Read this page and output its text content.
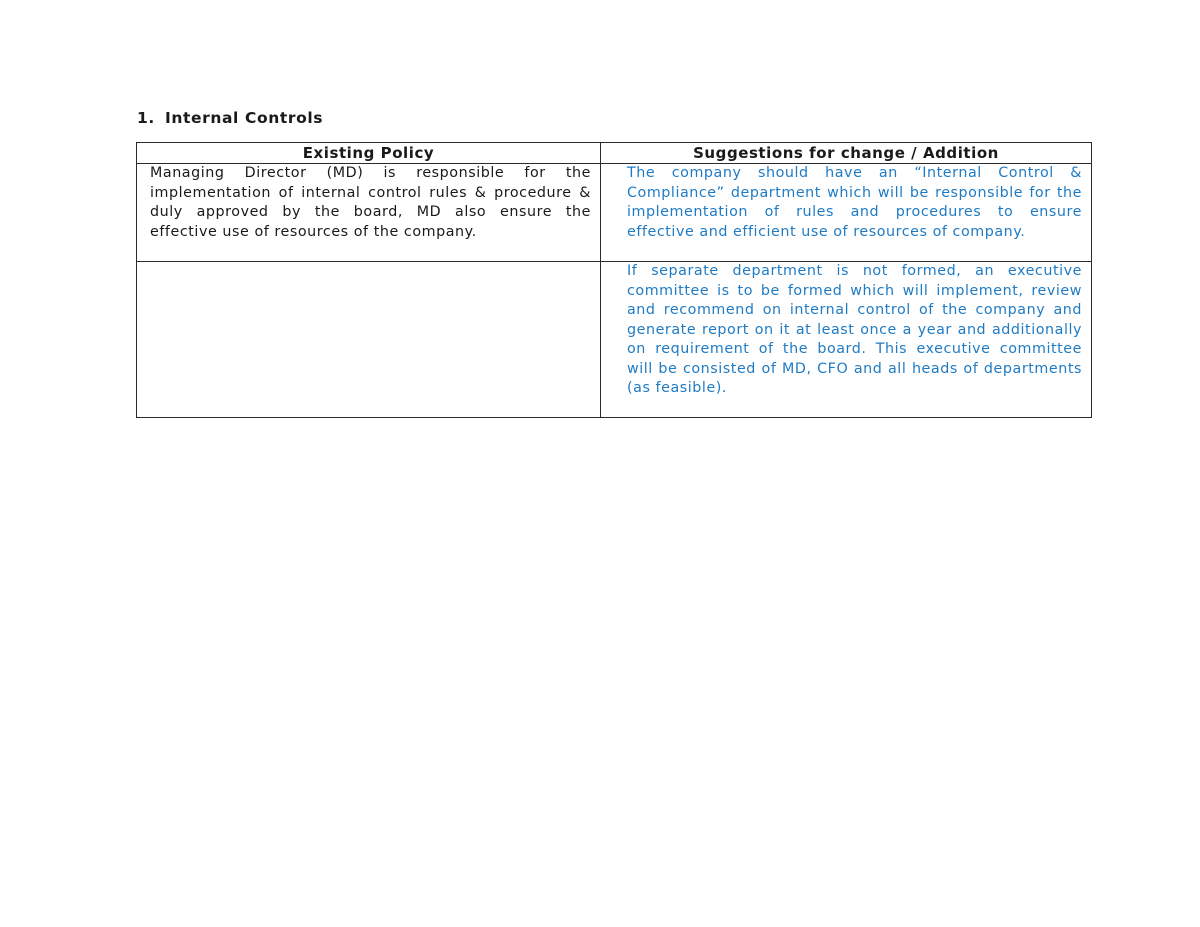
1. Internal Controls
Existing Policy	Suggestions for change / Addition
Managing Director (MD) is responsible for the implementation of internal control rules & procedure & duly approved by the board, MD also ensure the effective use of resources of the company.	The company should have an “Internal Control & Compliance” department which will be responsible for the implementation of rules and procedures to ensure effective and efficient use of resources of company.
	If separate department is not formed, an executive committee is to be formed which will implement, review and recommend on internal control of the company and generate report on it at least once a year and additionally on requirement of the board. This executive committee will be consisted of MD, CFO and all heads of departments (as feasible).
